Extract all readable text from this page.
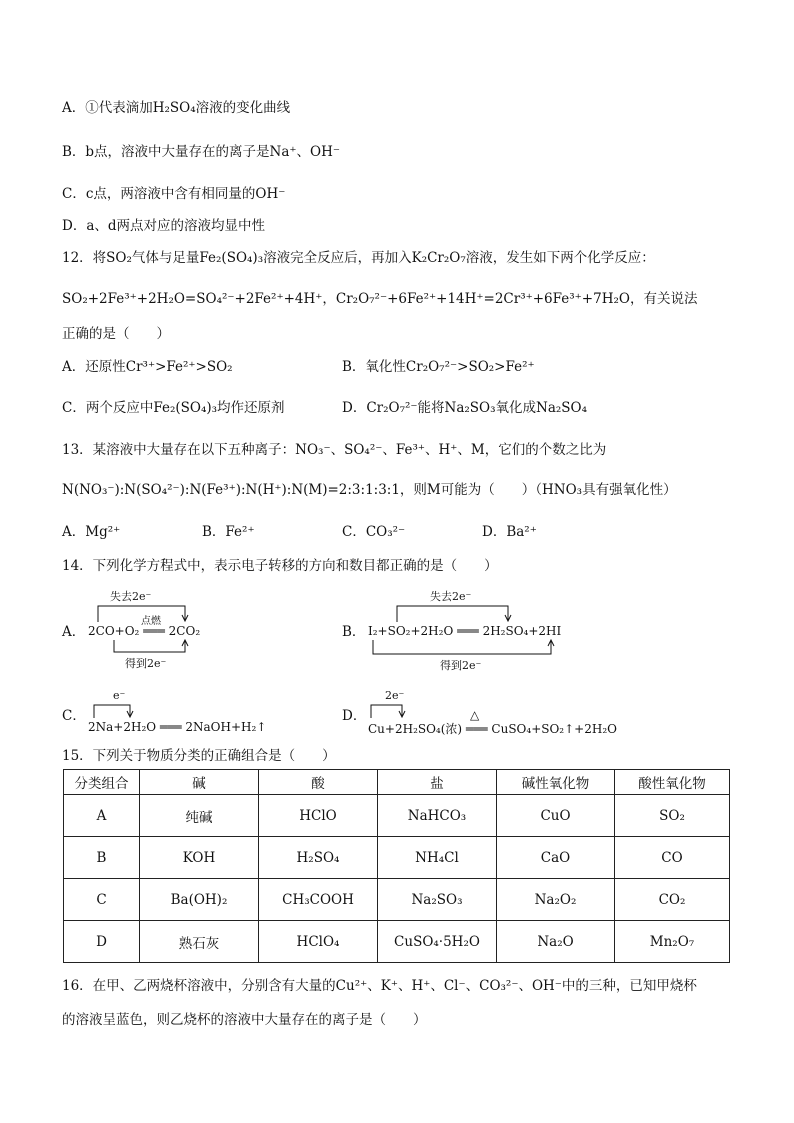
A．①代表滴加H₂SO₄溶液的变化曲线
B．b点，溶液中大量存在的离子是Na⁺、OH⁻
C．c点，两溶液中含有相同量的OH⁻
D．a、d两点对应的溶液均显中性
12．将SO₂气体与足量Fe₂(SO₄)₃溶液完全反应后，再加入K₂Cr₂O₇溶液，发生如下两个化学反应：
SO₂+2Fe³⁺+2H₂O=SO₄²⁻+2Fe²⁺+4H⁺，Cr₂O₇²⁻+6Fe²⁺+14H⁺=2Cr³⁺+6Fe³⁺+7H₂O，有关说法
正确的是（　　）
A．还原性Cr³⁺>Fe²⁺>SO₂	B．氧化性Cr₂O₇²⁻>SO₂>Fe²⁺
C．两个反应中Fe₂(SO₄)₃均作还原剂	D．Cr₂O₇²⁻能将Na₂SO₃氧化成Na₂SO₄
13．某溶液中大量存在以下五种离子：NO₃⁻、SO₄²⁻、Fe³⁺、H⁺、M，它们的个数之比为
N(NO₃⁻):N(SO₄²⁻):N(Fe³⁺):N(H⁺):N(M)=2:3:1:3:1，则M可能为（　　）（HNO₃具有强氧化性）
A．Mg²⁺	B．Fe²⁺	C．CO₃²⁻	D．Ba²⁺
14．下列化学方程式中，表示电子转移的方向和数目都正确的是（　　）
A．
失去2e⁻
点燃
2CO+O₂ ═══ 2CO₂
得到2e⁻
B．
失去2e⁻
I₂+SO₂+2H₂O ═══ 2H₂SO₄+2HI
得到2e⁻
C．
e⁻
2Na+2H₂O ═══ 2NaOH+H₂↑
D．
2e⁻
△
Cu+2H₂SO₄(浓) ═══ CuSO₄+SO₂↑+2H₂O
15．下列关于物质分类的正确组合是（　　）
分类组合	碱	酸	盐	碱性氧化物	酸性氧化物
A	纯碱	HClO	NaHCO₃	CuO	SO₂
B	KOH	H₂SO₄	NH₄Cl	CaO	CO
C	Ba(OH)₂	CH₃COOH	Na₂SO₃	Na₂O₂	CO₂
D	熟石灰	HClO₄	CuSO₄·5H₂O	Na₂O	Mn₂O₇
16．在甲、乙两烧杯溶液中，分别含有大量的Cu²⁺、K⁺、H⁺、Cl⁻、CO₃²⁻、OH⁻中的三种，已知甲烧杯
的溶液呈蓝色，则乙烧杯的溶液中大量存在的离子是（　　）
